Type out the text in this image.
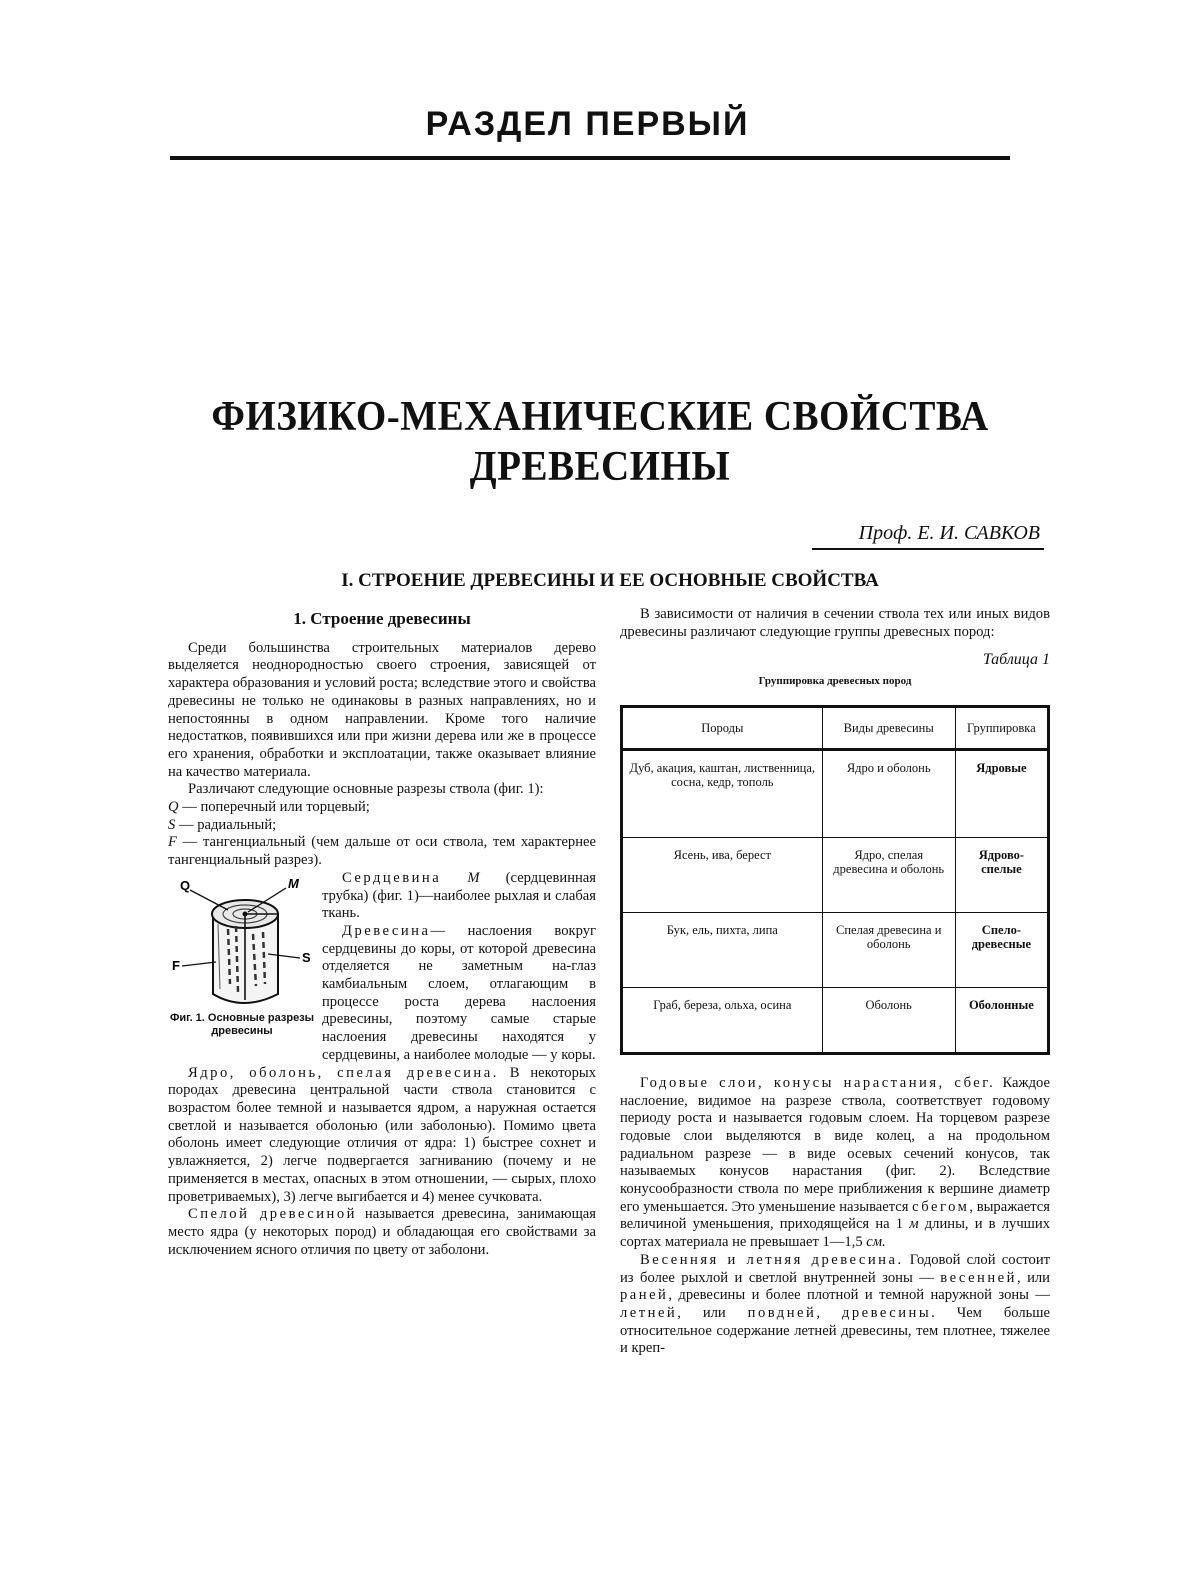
РАЗДЕЛ ПЕРВЫЙ
ФИЗИКО-МЕХАНИЧЕСКИЕ СВОЙСТВА
ДРЕВЕСИНЫ
Проф. Е. И. САВКОВ
I. СТРОЕНИЕ ДРЕВЕСИНЫ И ЕЕ ОСНОВНЫЕ СВОЙСТВА
1. Строение древесины

Среди большинства строительных материалов дерево выделяется неоднородностью своего строения, зависящей от характера образования и условий роста; вследствие этого и свойства древесины не только не одинаковы в разных направлениях, но и непостоянны в одном направлении. Кроме того наличие недостатков, появившихся или при жизни дерева или же в процессе его хранения, обработки и эксплоатации, также оказывает влияние на качество материала.

Различают следующие основные разрезы ствола (фиг. 1):

Q — поперечный или торцевый;
S — радиальный;
F — тангенциальный (чем дальше от оси ствола, тем характернее тангенциальный разрез).
Q	M
F
S
Фиг. 1. Основные разрезы древесины

Сердцевина M (сердцевинная трубка) (фиг. 1)—наиболее рыхлая и слабая ткань.

Древесина— наслоения вокруг сердцевины до коры, от которой древесина отделяется не заметным на-глаз камбиальным слоем, отлагающим в процессе роста дерева наслоения древесины, поэтому самые старые наслоения древесины находятся у сердцевины, а наиболее молодые — у коры.

Ядро, оболонь, спелая древесина. В некоторых породах древесина центральной части ствола становится с возрастом более темной и называется ядром, а наружная остается светлой и называется оболонью (или заболонью). Помимо цвета оболонь имеет следующие отличия от ядра: 1) быстрее сохнет и увлажняется, 2) легче подвергается загниванию (почему и не применяется в местах, опасных в этом отношении, — сырых, плохо проветриваемых), 3) легче выгибается и 4) менее сучковата.

Спелой древесиной называется древесина, занимающая место ядра (у некоторых пород) и обладающая его свойствами за исключением ясного отличия по цвету от заболони.

В зависимости от наличия в сечении ствола тех или иных видов древесины различают следующие группы древесных пород:

Таблица 1
Группировка древесных пород
Породы	Виды древесины	Группировка
Дуб, акация, каштан, лиственница, сосна, кедр, тополь	Ядро и оболонь	Ядровые
Ясень, ива, берест	Ядро, спелая древесина и оболонь	Ядрово-спелые
Бук, ель, пихта, липа	Спелая древесина и оболонь	Спело-древесные
Граб, береза, ольха, осина	Оболонь	Оболонные

Годовые слои, конусы нарастания, сбег. Каждое наслоение, видимое на разрезе ствола, соответствует годовому периоду роста и называется годовым слоем. На торцевом разрезе годовые слои выделяются в виде колец, а на продольном радиальном разрезе — в виде осевых сечений конусов, так называемых конусов нарастания (фиг. 2). Вследствие конусообразности ствола по мере приближения к вершине диаметр его уменьшается. Это уменьшение называется сбегом, выражается величиной уменьшения, приходящейся на 1 м длины, и в лучших сортах материала не превышает 1—1,5 см.

Весенняя и летняя древесина. Годовой слой состоит из более рыхлой и светлой внутренней зоны — весенней, или раней, древесины и более плотной и темной наружной зоны — летней, или повдней, древесины. Чем больше относительное содержание летней древесины, тем плотнее, тяжелее и креп-
